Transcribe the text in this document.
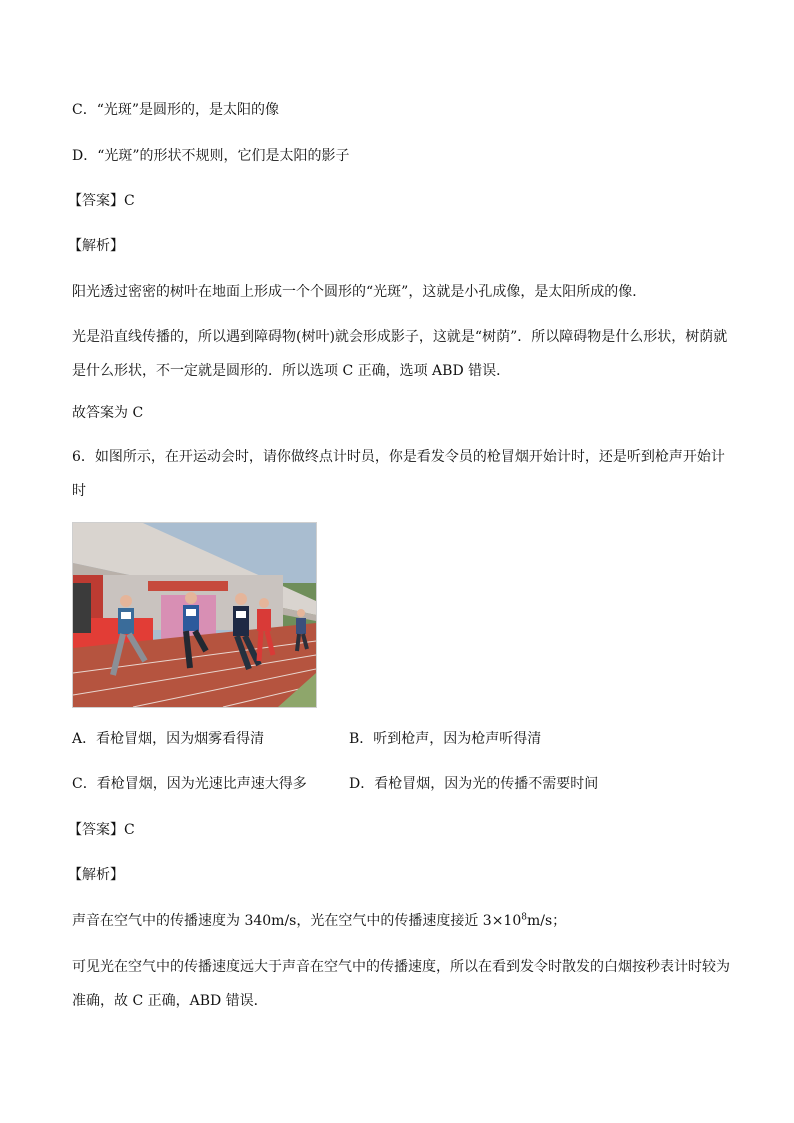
C．“光斑”是圆形的，是太阳的像
D．“光斑”的形状不规则，它们是太阳的影子
【答案】C
【解析】
阳光透过密密的树叶在地面上形成一个个圆形的“光斑”，这就是小孔成像，是太阳所成的像．
光是沿直线传播的，所以遇到障碍物(树叶)就会形成影子，这就是“树荫”．所以障碍物是什么形状，树荫就是什么形状，不一定就是圆形的．所以选项 C 正确，选项 ABD 错误．
故答案为 C
6．如图所示，在开运动会时，请你做终点计时员，你是看发令员的枪冒烟开始计时，还是听到枪声开始计时
A．看枪冒烟，因为烟雾看得清	B．听到枪声，因为枪声听得清
C．看枪冒烟，因为光速比声速大得多	D．看枪冒烟，因为光的传播不需要时间
【答案】C
【解析】
声音在空气中的传播速度为 340m/s，光在空气中的传播速度接近 $3\times 10^8m/s$；
可见光在空气中的传播速度远大于声音在空气中的传播速度，所以在看到发令时散发的白烟按秒表计时较为准确，故 C 正确，ABD 错误．
